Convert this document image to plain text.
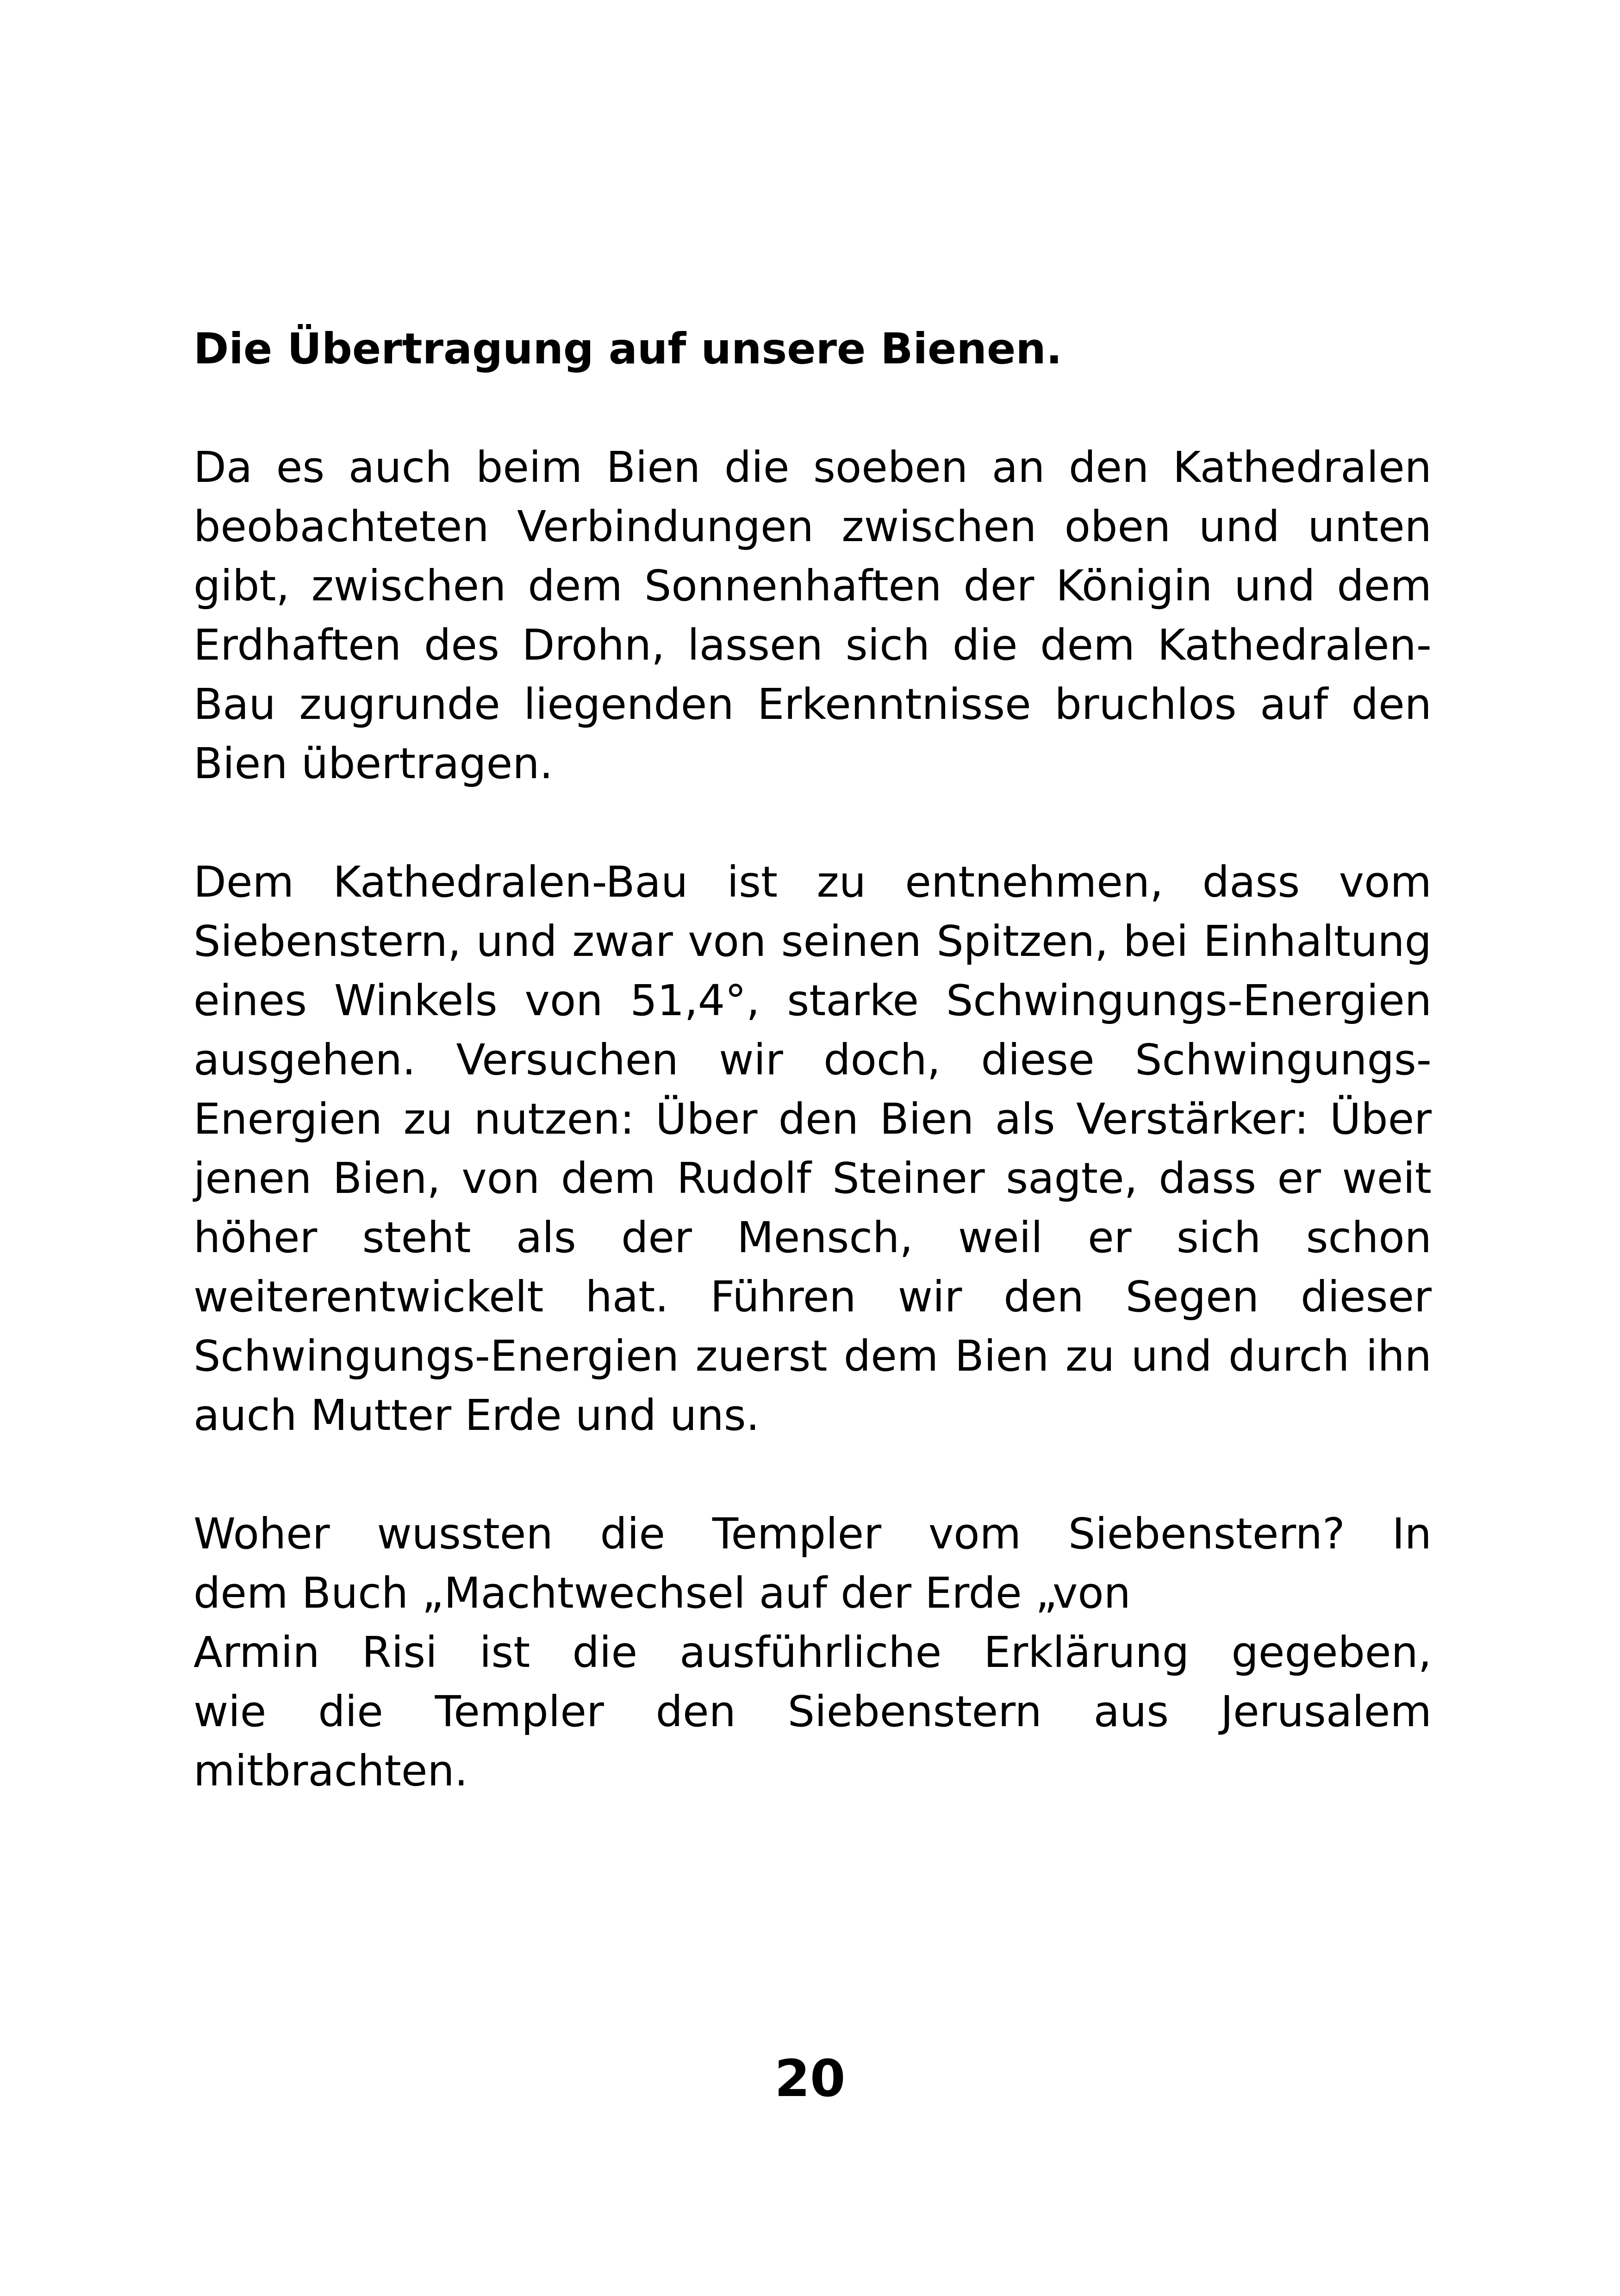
Die Übertragung auf unsere Bienen.

Da es auch beim Bien die soeben an den Kathedralen beobachteten Verbindungen zwischen oben und unten gibt, zwischen dem Sonnenhaften der Königin und dem Erdhaften des Drohn, lassen sich die dem Kathedralen-Bau zugrunde liegenden Erkenntnisse bruchlos auf den Bien übertragen.

Dem Kathedralen-Bau ist zu entnehmen, dass vom Siebenstern, und zwar von seinen Spitzen, bei Einhaltung eines Winkels von 51,4°, starke Schwingungs-Energien ausgehen. Versuchen wir doch, diese Schwingungs-Energien zu nutzen: Über den Bien als Verstärker: Über jenen Bien, von dem Rudolf Steiner sagte, dass er weit höher steht als der Mensch, weil er sich schon weiterentwickelt hat. Führen wir den Segen dieser Schwingungs-Energien zuerst dem Bien zu und durch ihn auch Mutter Erde und uns.

Woher wussten die Templer vom Siebenstern? In
dem Buch „Machtwechsel auf der Erde „von
Armin Risi ist die ausführliche Erklärung gegeben,
wie die Templer den Siebenstern aus Jerusalem
mitbrachten.

20
